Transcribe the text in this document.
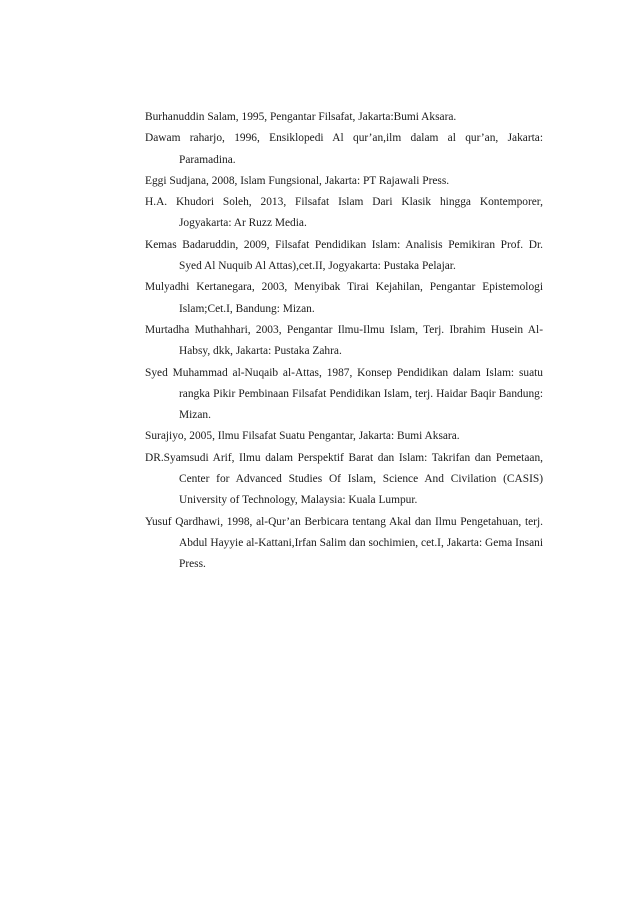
Burhanuddin Salam, 1995, Pengantar Filsafat, Jakarta:Bumi Aksara.

Dawam raharjo, 1996, Ensiklopedi Al qur’an,ilm dalam al qur’an, Jakarta: Paramadina.

Eggi Sudjana, 2008, Islam Fungsional, Jakarta: PT Rajawali Press.

H.A. Khudori Soleh, 2013, Filsafat Islam Dari Klasik hingga Kontemporer, Jogyakarta: Ar Ruzz Media.

Kemas Badaruddin, 2009, Filsafat Pendidikan Islam: Analisis Pemikiran Prof. Dr. Syed Al Nuquib Al Attas),cet.II, Jogyakarta: Pustaka Pelajar.

Mulyadhi Kertanegara, 2003, Menyibak Tirai Kejahilan, Pengantar Epistemologi Islam;Cet.I, Bandung: Mizan.

Murtadha Muthahhari, 2003, Pengantar Ilmu-Ilmu Islam, Terj. Ibrahim Husein Al-Habsy, dkk, Jakarta: Pustaka Zahra.

Syed Muhammad al-Nuqaib al-Attas, 1987, Konsep Pendidikan dalam Islam: suatu rangka Pikir Pembinaan Filsafat Pendidikan Islam, terj. Haidar Baqir Bandung: Mizan.

Surajiyo, 2005, Ilmu Filsafat Suatu Pengantar, Jakarta: Bumi Aksara.

DR.Syamsudi Arif, Ilmu dalam Perspektif Barat dan Islam: Takrifan dan Pemetaan, Center for Advanced Studies Of Islam, Science And Civilation (CASIS) University of Technology, Malaysia: Kuala Lumpur.

Yusuf Qardhawi, 1998, al-Qur’an Berbicara tentang Akal dan Ilmu Pengetahuan, terj. Abdul Hayyie al-Kattani,Irfan Salim dan sochimien, cet.I, Jakarta: Gema Insani Press.
